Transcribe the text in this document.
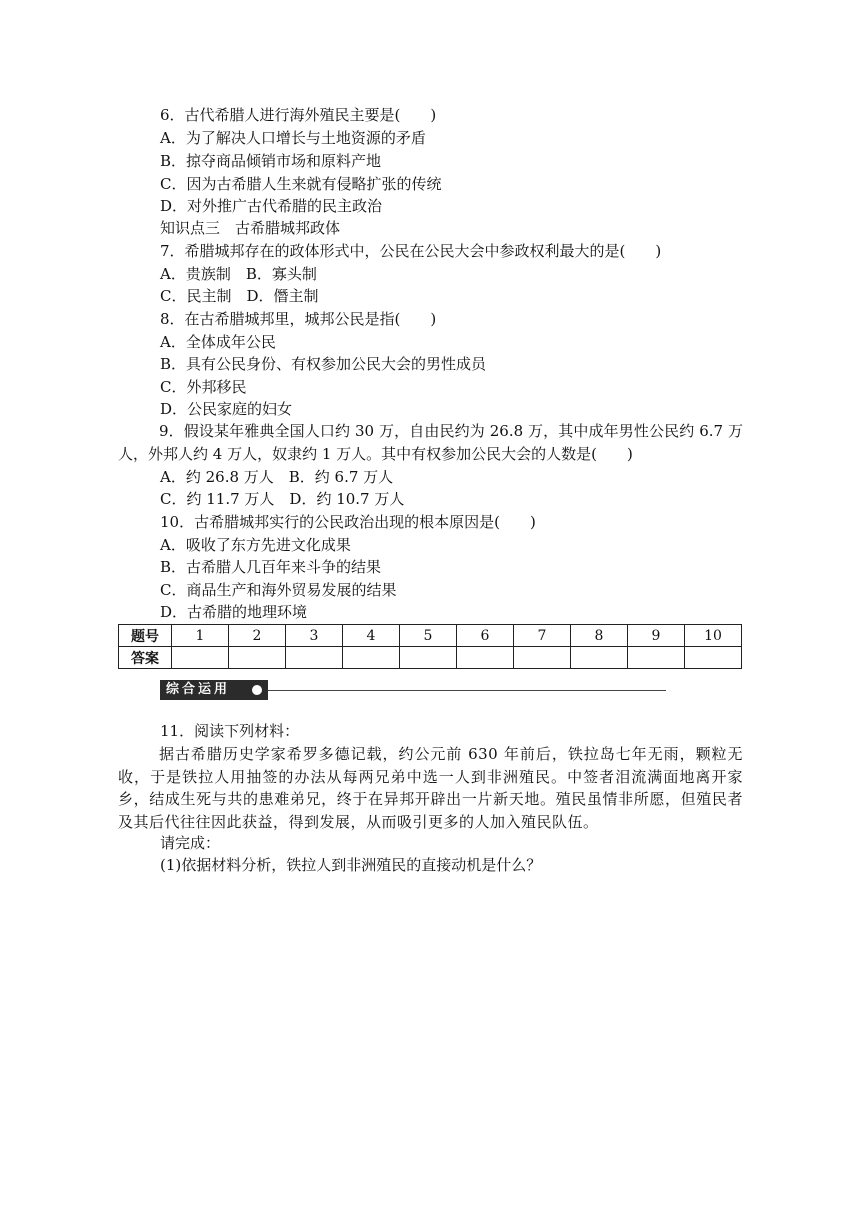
6．古代希腊人进行海外殖民主要是(　　)
A．为了解决人口增长与土地资源的矛盾
B．掠夺商品倾销市场和原料产地
C．因为古希腊人生来就有侵略扩张的传统
D．对外推广古代希腊的民主政治
知识点三　古希腊城邦政体
7．希腊城邦存在的政体形式中，公民在公民大会中参政权利最大的是(　　)
A．贵族制　B．寡头制
C．民主制　D．僭主制
8．在古希腊城邦里，城邦公民是指(　　)
A．全体成年公民
B．具有公民身份、有权参加公民大会的男性成员
C．外邦移民
D．公民家庭的妇女
9．假设某年雅典全国人口约 30 万，自由民约为 26.8 万，其中成年男性公民约 6.7 万人，外邦人约 4 万人，奴隶约 1 万人。其中有权参加公民大会的人数是(　　)
A．约 26.8 万人　B．约 6.7 万人
C．约 11.7 万人　D．约 10.7 万人
10．古希腊城邦实行的公民政治出现的根本原因是(　　)
A．吸收了东方先进文化成果
B．古希腊人几百年来斗争的结果
C．商品生产和海外贸易发展的结果
D．古希腊的地理环境
题号	1	2	3	4	5	6	7	8	9	10
答案										
综合运用
11．阅读下列材料：
据古希腊历史学家希罗多德记载，约公元前 630 年前后，铁拉岛七年无雨，颗粒无收，于是铁拉人用抽签的办法从每两兄弟中选一人到非洲殖民。中签者泪流满面地离开家乡，结成生死与共的患难弟兄，终于在异邦开辟出一片新天地。殖民虽情非所愿，但殖民者及其后代往往因此获益，得到发展，从而吸引更多的人加入殖民队伍。
请完成：
(1)依据材料分析，铁拉人到非洲殖民的直接动机是什么？
